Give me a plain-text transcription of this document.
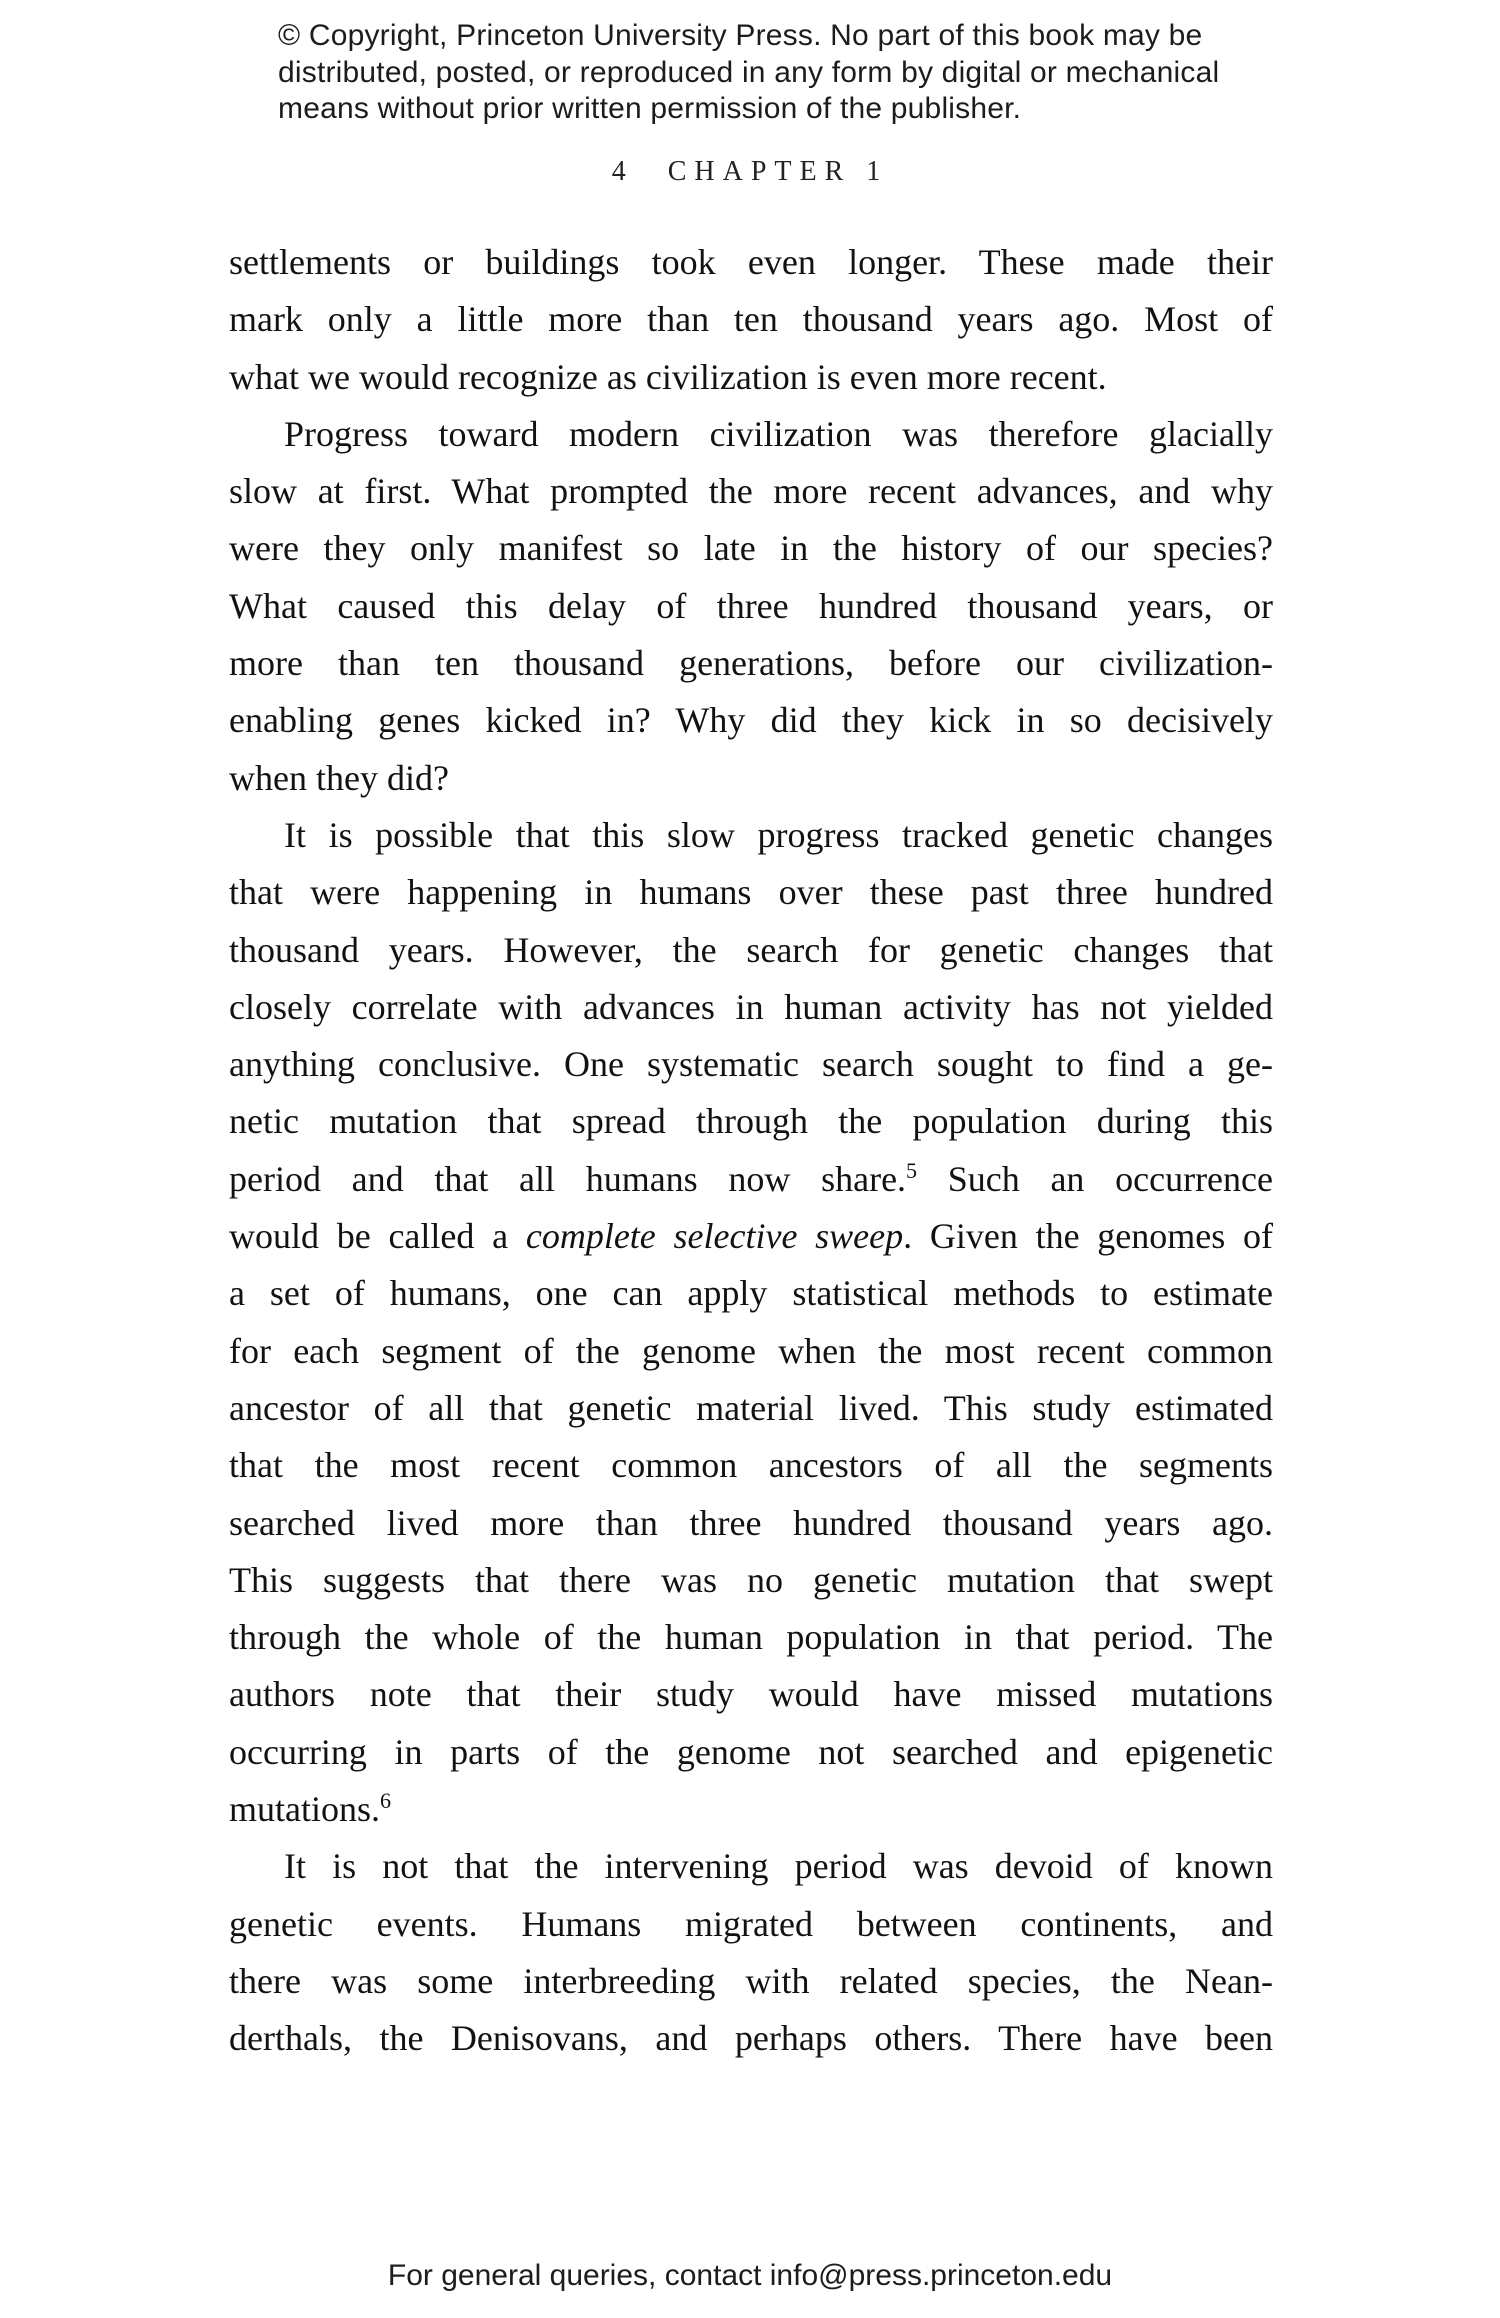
© Copyright, Princeton University Press. No part of this book may be
distributed, posted, or reproduced in any form by digital or mechanical
means without prior written permission of the publisher.
4 CHAPTER 1
settlements or buildings took even longer. These made their
mark only a little more than ten thousand years ago. Most of
what we would recognize as civilization is even more recent.
Progress toward modern civilization was therefore glacially
slow at first. What prompted the more recent advances, and why
were they only manifest so late in the history of our species?
What caused this delay of three hundred thousand years, or
more than ten thousand generations, before our civilization-
enabling genes kicked in? Why did they kick in so decisively
when they did?
It is possible that this slow progress tracked genetic changes
that were happening in humans over these past three hundred
thousand years. However, the search for genetic changes that
closely correlate with advances in human activity has not yielded
anything conclusive. One systematic search sought to find a ge-
netic mutation that spread through the population during this
period and that all humans now share.$^5$ Such an occurrence
would be called a complete selective sweep. Given the genomes of
a set of humans, one can apply statistical methods to estimate
for each segment of the genome when the most recent common
ancestor of all that genetic material lived. This study estimated
that the most recent common ancestors of all the segments
searched lived more than three hundred thousand years ago.
This suggests that there was no genetic mutation that swept
through the whole of the human population in that period. The
authors note that their study would have missed mutations
occurring in parts of the genome not searched and epigenetic
mutations.$^6$
It is not that the intervening period was devoid of known
genetic events. Humans migrated between continents, and
there was some interbreeding with related species, the Nean-
derthals, the Denisovans, and perhaps others. There have been
For general queries, contact info@press.princeton.edu
